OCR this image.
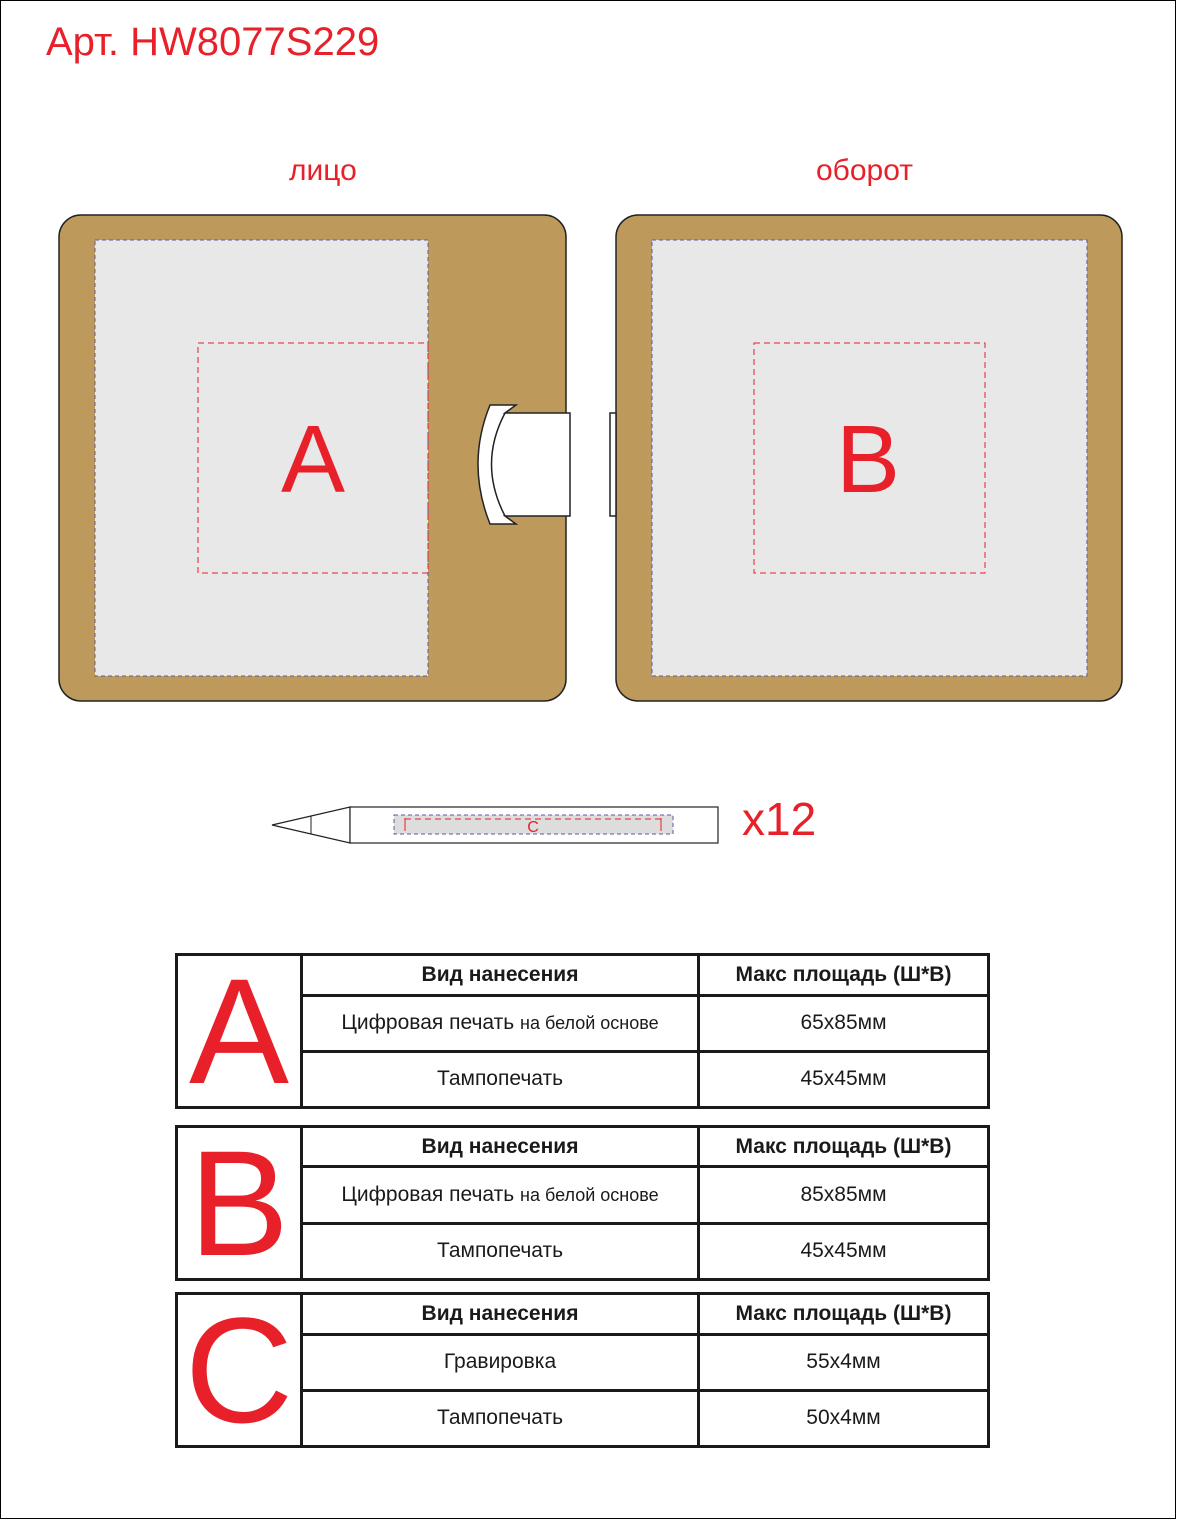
Арт. HW8077S229
лицо	оборот
A	B
C	x12
A	Вид нанесения	Макс площадь (Ш*В)
	Цифровая печать на белой основе	65x85мм
	Тампопечать	45x45мм
B	Вид нанесения	Макс площадь (Ш*В)
	Цифровая печать на белой основе	85x85мм
	Тампопечать	45x45мм
C	Вид нанесения	Макс площадь (Ш*В)
	Гравировка	55x4мм
	Тампопечать	50x4мм
